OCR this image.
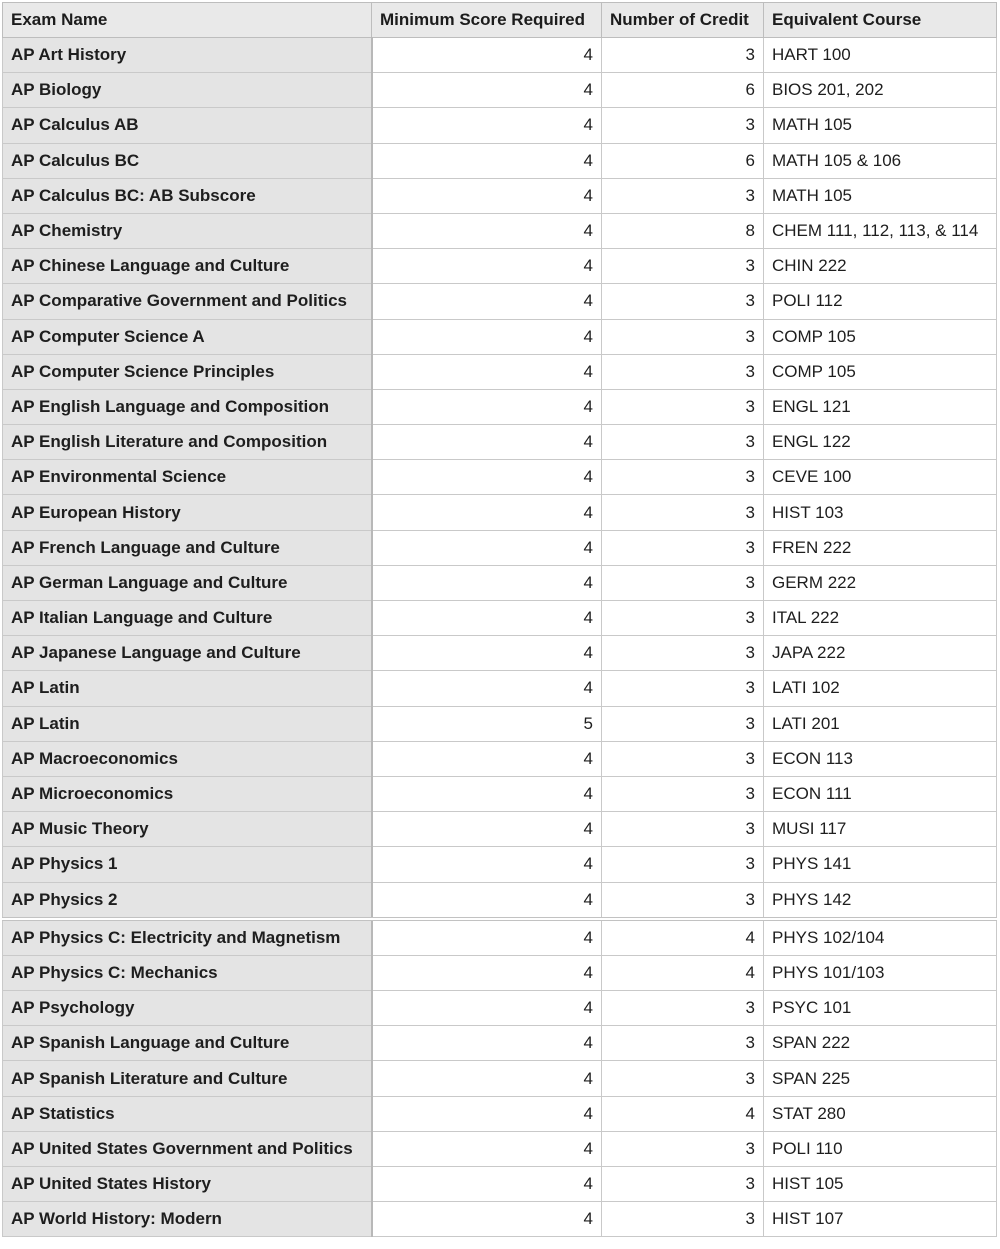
Exam Name	Minimum Score Required	Number of Credit	Equivalent Course
AP Art History	4	3	HART 100
AP Biology	4	6	BIOS 201, 202
AP Calculus AB	4	3	MATH 105
AP Calculus BC	4	6	MATH 105 & 106
AP Calculus BC: AB Subscore	4	3	MATH 105
AP Chemistry	4	8	CHEM 111, 112, 113, & 114
AP Chinese Language and Culture	4	3	CHIN 222
AP Comparative Government and Politics	4	3	POLI 112
AP Computer Science A	4	3	COMP 105
AP Computer Science Principles	4	3	COMP 105
AP English Language and Composition	4	3	ENGL 121
AP English Literature and Composition	4	3	ENGL 122
AP Environmental Science	4	3	CEVE 100
AP European History	4	3	HIST 103
AP French Language and Culture	4	3	FREN 222
AP German Language and Culture	4	3	GERM 222
AP Italian Language and Culture	4	3	ITAL 222
AP Japanese Language and Culture	4	3	JAPA 222
AP Latin	4	3	LATI 102
AP Latin	5	3	LATI 201
AP Macroeconomics	4	3	ECON 113
AP Microeconomics	4	3	ECON 111
AP Music Theory	4	3	MUSI 117
AP Physics 1	4	3	PHYS 141
AP Physics 2	4	3	PHYS 142
AP Physics C: Electricity and Magnetism	4	4	PHYS 102/104
AP Physics C: Mechanics	4	4	PHYS 101/103
AP Psychology	4	3	PSYC 101
AP Spanish Language and Culture	4	3	SPAN 222
AP Spanish Literature and Culture	4	3	SPAN 225
AP Statistics	4	4	STAT 280
AP United States Government and Politics	4	3	POLI 110
AP United States History	4	3	HIST 105
AP World History: Modern	4	3	HIST 107
